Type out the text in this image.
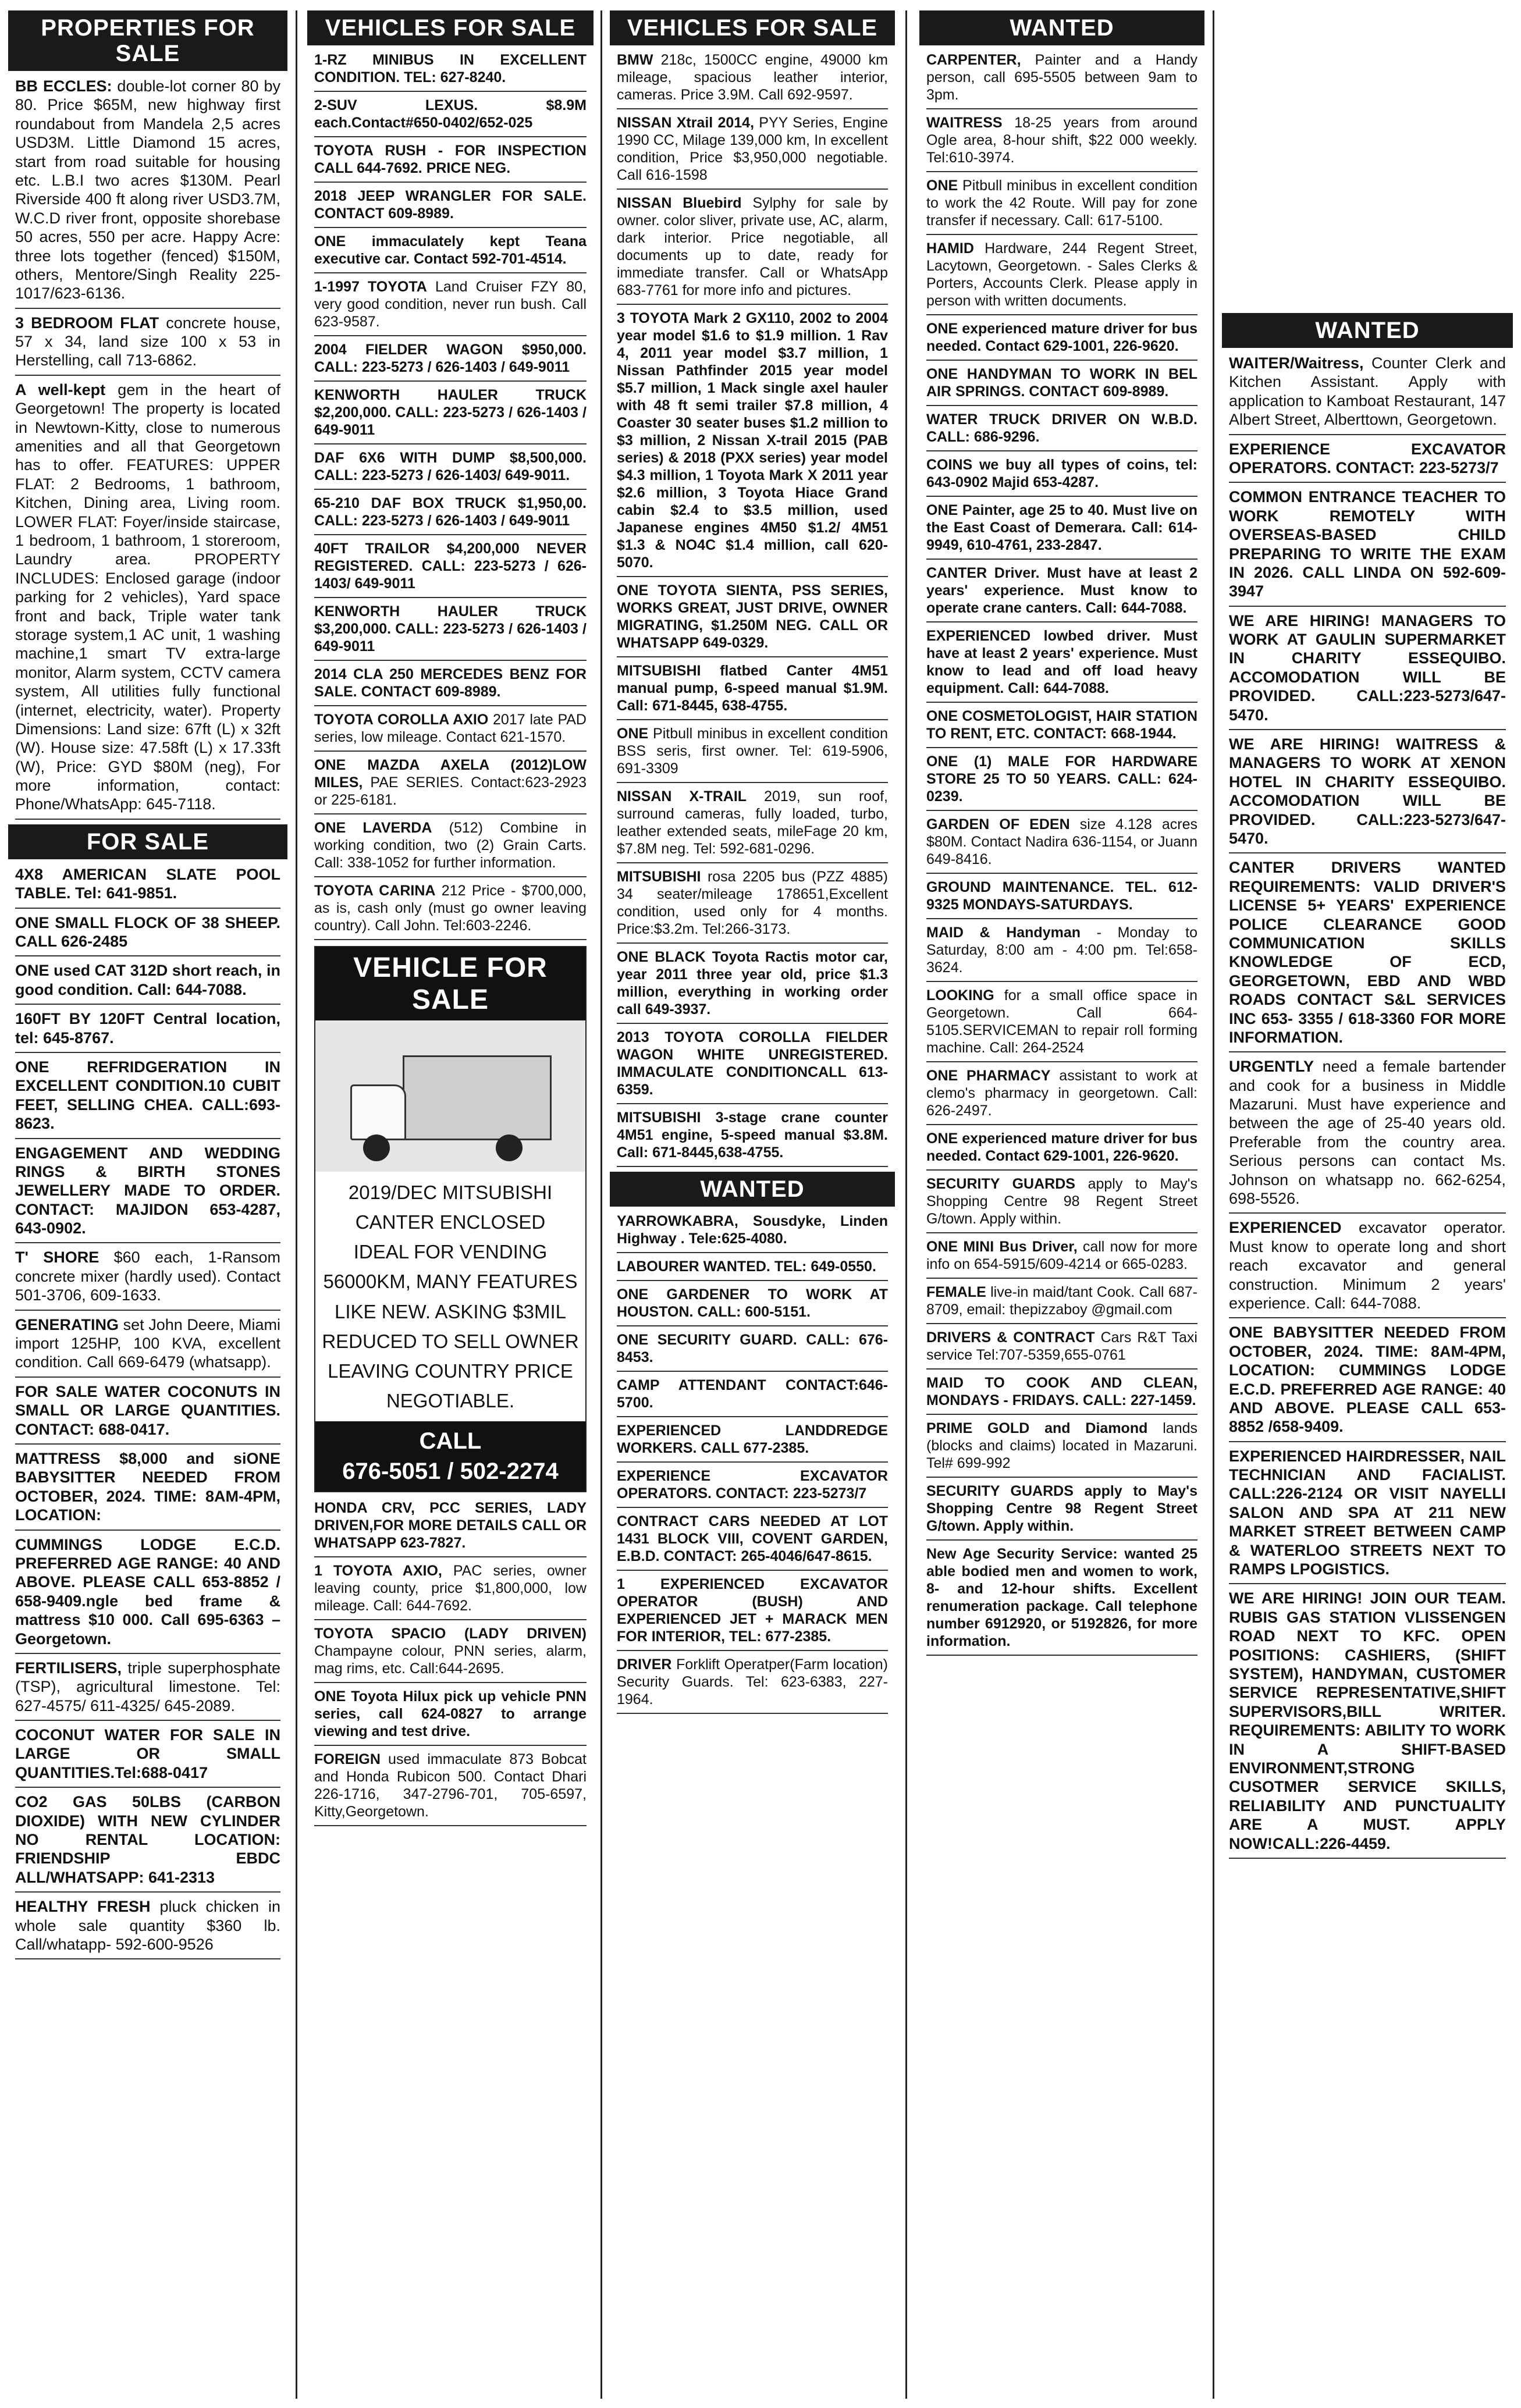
PROPERTIES FOR SALE

BB ECCLES: double-lot corner 80 by 80. Price $65M, new highway first roundabout from Mandela 2,5 acres USD3M. Little Diamond 15 acres, start from road suitable for housing etc. L.B.I two acres $130M. Pearl Riverside 400 ft along river USD3.7M, W.C.D river front, opposite shorebase 50 acres, 550 per acre. Happy Acre: three lots together (fenced) $150M, others, Mentore/Singh Reality 225-1017/623-6136.

3 BEDROOM FLAT concrete house, 57 x 34, land size 100 x 53 in Herstelling, call 713-6862.

A well-kept gem in the heart of Georgetown! The property is located in Newtown-Kitty, close to numerous amenities and all that Georgetown has to offer. FEATURES: UPPER FLAT: 2 Bedrooms, 1 bathroom, Kitchen, Dining area, Living room. LOWER FLAT: Foyer/inside staircase, 1 bedroom, 1 bathroom, 1 storeroom, Laundry area. PROPERTY INCLUDES: Enclosed garage (indoor parking for 2 vehicles), Yard space front and back, Triple water tank storage system,1 AC unit, 1 washing machine,1 smart TV extra-large monitor, Alarm system, CCTV camera system, All utilities fully functional (internet, electricity, water). Property Dimensions: Land size: 67ft (L) x 32ft (W). House size: 47.58ft (L) x 17.33ft (W), Price: GYD $80M (neg), For more information, contact: Phone/WhatsApp: 645-7118.

FOR SALE

4X8 AMERICAN SLATE POOL TABLE. Tel: 641-9851.

ONE SMALL FLOCK OF 38 SHEEP. CALL 626-2485

ONE used CAT 312D short reach, in good condition. Call: 644-7088.

160FT BY 120FT Central location, tel: 645-8767.

ONE REFRIDGERATION IN EXCELLENT CONDITION.10 CUBIT FEET, SELLING CHEA. CALL:693-8623.

ENGAGEMENT AND WEDDING RINGS & BIRTH STONES JEWELLERY MADE TO ORDER. CONTACT: MAJIDON 653-4287, 643-0902.

T' SHORE $60 each, 1-Ransom concrete mixer (hardly used). Contact 501-3706, 609-1633.

GENERATING set John Deere, Miami import 125HP, 100 KVA, excellent condition. Call 669-6479 (whatsapp).

FOR SALE WATER COCONUTS IN SMALL OR LARGE QUANTITIES. CONTACT: 688-0417.

MATTRESS $8,000 and siONE BABYSITTER NEEDED FROM OCTOBER, 2024. TIME: 8AM-4PM, LOCATION:

CUMMINGS LODGE E.C.D. PREFERRED AGE RANGE: 40 AND ABOVE. PLEASE CALL 653-8852 / 658-9409.ngle bed frame & mattress $10 000. Call 695-6363 – Georgetown.

FERTILISERS, triple superphosphate (TSP), agricultural limestone. Tel: 627-4575/ 611-4325/ 645-2089.

COCONUT WATER FOR SALE IN LARGE OR SMALL QUANTITIES.Tel:688-0417

CO2 GAS 50LBS (CARBON DIOXIDE) WITH NEW CYLINDER NO RENTAL LOCATION: FRIENDSHIP EBDC ALL/WHATSAPP: 641-2313

HEALTHY FRESH pluck chicken in whole sale quantity $360 lb. Call/whatapp- 592-600-9526

VEHICLES FOR SALE

1-RZ MINIBUS IN EXCELLENT CONDITION. TEL: 627-8240.

2-SUV LEXUS. $8.9M each.Contact#650-0402/652-025

TOYOTA RUSH - FOR INSPECTION CALL 644-7692. PRICE NEG.

2018 JEEP WRANGLER FOR SALE. CONTACT 609-8989.

ONE immaculately kept Teana executive car. Contact 592-701-4514.

1-1997 TOYOTA Land Cruiser FZY 80, very good condition, never run bush. Call 623-9587.

2004 FIELDER WAGON $950,000. CALL: 223-5273 / 626-1403 / 649-9011

KENWORTH HAULER TRUCK $2,200,000. CALL: 223-5273 / 626-1403 / 649-9011

DAF 6X6 WITH DUMP $8,500,000. CALL: 223-5273 / 626-1403/ 649-9011.

65-210 DAF BOX TRUCK $1,950,00. CALL: 223-5273 / 626-1403 / 649-9011

40FT TRAILOR $4,200,000 NEVER REGISTERED. CALL: 223-5273 / 626-1403/ 649-9011

KENWORTH HAULER TRUCK $3,200,000. CALL: 223-5273 / 626-1403 / 649-9011

2014 CLA 250 MERCEDES BENZ FOR SALE. CONTACT 609-8989.

TOYOTA COROLLA AXIO 2017 late PAD series, low mileage. Contact 621-1570.

ONE MAZDA AXELA (2012)LOW MILES, PAE SERIES. Contact:623-2923 or 225-6181.

ONE LAVERDA (512) Combine in working condition, two (2) Grain Carts. Call: 338-1052 for further information.

TOYOTA CARINA 212 Price - $700,000, as is, cash only (must go owner leaving country). Call John. Tel:603-2246.

VEHICLE FOR SALE
2019/DEC MITSUBISHI
CANTER ENCLOSED
IDEAL FOR VENDING
56000KM, MANY FEATURES
LIKE NEW. ASKING $3MIL
REDUCED TO SELL OWNER
LEAVING COUNTRY PRICE
NEGOTIABLE.
CALL
676-5051 / 502-2274

HONDA CRV, PCC SERIES, LADY DRIVEN,FOR MORE DETAILS CALL OR WHATSAPP 623-7827.

1 TOYOTA AXIO, PAC series, owner leaving county, price $1,800,000, low mileage. Call: 644-7692.

TOYOTA SPACIO (LADY DRIVEN) Champayne colour, PNN series, alarm, mag rims, etc. Call:644-2695.

ONE Toyota Hilux pick up vehicle PNN series, call 624-0827 to arrange viewing and test drive.

FOREIGN used immaculate 873 Bobcat and Honda Rubicon 500. Contact Dhari 226-1716, 347-2796-701, 705-6597, Kitty,Georgetown.

VEHICLES FOR SALE

BMW 218c, 1500CC engine, 49000 km mileage, spacious leather interior, cameras. Price 3.9M. Call 692-9597.

NISSAN Xtrail 2014, PYY Series, Engine 1990 CC, Milage 139,000 km, In excellent condition, Price $3,950,000 negotiable. Call 616-1598

NISSAN Bluebird Sylphy for sale by owner. color sliver, private use, AC, alarm, dark interior. Price negotiable, all documents up to date, ready for immediate transfer. Call or WhatsApp 683-7761 for more info and pictures.

3 TOYOTA Mark 2 GX110, 2002 to 2004 year model $1.6 to $1.9 million. 1 Rav 4, 2011 year model $3.7 million, 1 Nissan Pathfinder 2015 year model $5.7 million, 1 Mack single axel hauler with 48 ft semi trailer $7.8 million, 4 Coaster 30 seater buses $1.2 million to $3 million, 2 Nissan X-trail 2015 (PAB series) & 2018 (PXX series) year model $4.3 million, 1 Toyota Mark X 2011 year $2.6 million, 3 Toyota Hiace Grand cabin $2.4 to $3.5 million, used Japanese engines 4M50 $1.2/ 4M51 $1.3 & NO4C $1.4 million, call 620-5070.

ONE TOYOTA SIENTA, PSS SERIES, WORKS GREAT, JUST DRIVE, OWNER MIGRATING, $1.250M NEG. CALL OR WHATSAPP 649-0329.

MITSUBISHI flatbed Canter 4M51 manual pump, 6-speed manual $1.9M. Call: 671-8445, 638-4755.

ONE Pitbull minibus in excellent condition BSS seris, first owner. Tel: 619-5906, 691-3309

NISSAN X-TRAIL 2019, sun roof, surround cameras, fully loaded, turbo, leather extended seats, mileFage 20 km, $7.8M neg. Tel: 592-681-0296.

MITSUBISHI rosa 2205 bus (PZZ 4885) 34 seater/mileage 178651,Excellent condition, used only for 4 months. Price:$3.2m. Tel:266-3173.

ONE BLACK Toyota Ractis motor car, year 2011 three year old, price $1.3 million, everything in working order call 649-3937.

2013 TOYOTA COROLLA FIELDER WAGON WHITE UNREGISTERED. IMMACULATE CONDITIONCALL 613-6359.

MITSUBISHI 3-stage crane counter 4M51 engine, 5-speed manual $3.8M. Call: 671-8445,638-4755.

WANTED

YARROWKABRA, Sousdyke, Linden Highway . Tele:625-4080.

LABOURER WANTED. TEL: 649-0550.

ONE GARDENER TO WORK AT HOUSTON. CALL: 600-5151.

ONE SECURITY GUARD. CALL: 676-8453.

CAMP ATTENDANT CONTACT:646-5700.

EXPERIENCED LANDDREDGE WORKERS. CALL 677-2385.

EXPERIENCE EXCAVATOR OPERATORS. CONTACT: 223-5273/7

CONTRACT CARS NEEDED AT LOT 1431 BLOCK VIII, COVENT GARDEN, E.B.D. CONTACT: 265-4046/647-8615.

1 EXPERIENCED EXCAVATOR OPERATOR (BUSH) AND EXPERIENCED JET + MARACK MEN FOR INTERIOR, TEL: 677-2385.

DRIVER Forklift Operatper(Farm location) Security Guards. Tel: 623-6383, 227-1964.

WANTED

CARPENTER, Painter and a Handy person, call 695-5505 between 9am to 3pm.

WAITRESS 18-25 years from around Ogle area, 8-hour shift, $22 000 weekly. Tel:610-3974.

ONE Pitbull minibus in excellent condition to work the 42 Route. Will pay for zone transfer if necessary. Call: 617-5100.

HAMID Hardware, 244 Regent Street, Lacytown, Georgetown. - Sales Clerks & Porters, Accounts Clerk. Please apply in person with written documents.

ONE experienced mature driver for bus needed. Contact 629-1001, 226-9620.

ONE HANDYMAN TO WORK IN BEL AIR SPRINGS. CONTACT 609-8989.

WATER TRUCK DRIVER ON W.B.D. CALL: 686-9296.

COINS we buy all types of coins, tel: 643-0902 Majid 653-4287.

ONE Painter, age 25 to 40. Must live on the East Coast of Demerara. Call: 614-9949, 610-4761, 233-2847.

CANTER Driver. Must have at least 2 years' experience. Must know to operate crane canters. Call: 644-7088.

EXPERIENCED lowbed driver. Must have at least 2 years' experience. Must know to lead and off load heavy equipment. Call: 644-7088.

ONE COSMETOLOGIST, HAIR STATION TO RENT, ETC. CONTACT: 668-1944.

ONE (1) MALE FOR HARDWARE STORE 25 TO 50 YEARS. CALL: 624-0239.

GARDEN OF EDEN size 4.128 acres $80M. Contact Nadira 636-1154, or Juann 649-8416.

GROUND MAINTENANCE. TEL. 612-9325 MONDAYS-SATURDAYS.

MAID & Handyman - Monday to Saturday, 8:00 am - 4:00 pm. Tel:658-3624.

LOOKING for a small office space in Georgetown. Call 664-5105.SERVICEMAN to repair roll forming machine. Call: 264-2524

ONE PHARMACY assistant to work at clemo's pharmacy in georgetown. Call: 626-2497.

ONE experienced mature driver for bus needed. Contact 629-1001, 226-9620.

SECURITY GUARDS apply to May's Shopping Centre 98 Regent Street G/town. Apply within.

ONE MINI Bus Driver, call now for more info on 654-5915/609-4214 or 665-0283.

FEMALE live-in maid/tant Cook. Call 687-8709, email: thepizzaboy @gmail.com

DRIVERS & CONTRACT Cars R&T Taxi service Tel:707-5359,655-0761

MAID TO COOK AND CLEAN, MONDAYS - FRIDAYS. CALL: 227-1459.

PRIME GOLD and Diamond lands (blocks and claims) located in Mazaruni. Tel# 699-992

SECURITY GUARDS apply to May's Shopping Centre 98 Regent Street G/town. Apply within.

New Age Security Service: wanted 25 able bodied men and women to work, 8- and 12-hour shifts. Excellent renumeration package. Call telephone number 6912920, or 5192826, for more information.

WANTED

WAITER/Waitress, Counter Clerk and Kitchen Assistant. Apply with application to Kamboat Restaurant, 147 Albert Street, Alberttown, Georgetown.

EXPERIENCE EXCAVATOR OPERATORS. CONTACT: 223-5273/7

COMMON ENTRANCE TEACHER TO WORK REMOTELY WITH OVERSEAS-BASED CHILD PREPARING TO WRITE THE EXAM IN 2026. CALL LINDA ON 592-609-3947

WE ARE HIRING! MANAGERS TO WORK AT GAULIN SUPERMARKET IN CHARITY ESSEQUIBO. ACCOMODATION WILL BE PROVIDED. CALL:223-5273/647-5470.

WE ARE HIRING! WAITRESS & MANAGERS TO WORK AT XENON HOTEL IN CHARITY ESSEQUIBO. ACCOMODATION WILL BE PROVIDED. CALL:223-5273/647-5470.

CANTER DRIVERS WANTED REQUIREMENTS: VALID DRIVER'S LICENSE 5+ YEARS' EXPERIENCE POLICE CLEARANCE GOOD COMMUNICATION SKILLS KNOWLEDGE OF ECD, GEORGETOWN, EBD AND WBD ROADS CONTACT S&L SERVICES INC 653- 3355 / 618-3360 FOR MORE INFORMATION.

URGENTLY need a female bartender and cook for a business in Middle Mazaruni. Must have experience and between the age of 25-40 years old. Preferable from the country area. Serious persons can contact Ms. Johnson on whatsapp no. 662-6254, 698-5526.

EXPERIENCED excavator operator. Must know to operate long and short reach excavator and general construction. Minimum 2 years' experience. Call: 644-7088.

ONE BABYSITTER NEEDED FROM OCTOBER, 2024. TIME: 8AM-4PM, LOCATION: CUMMINGS LODGE E.C.D. PREFERRED AGE RANGE: 40 AND ABOVE. PLEASE CALL 653-8852 /658-9409.

EXPERIENCED HAIRDRESSER, NAIL TECHNICIAN AND FACIALIST. CALL:226-2124 OR VISIT NAYELLI SALON AND SPA AT 211 NEW MARKET STREET BETWEEN CAMP & WATERLOO STREETS NEXT TO RAMPS LPOGISTICS.

WE ARE HIRING! JOIN OUR TEAM. RUBIS GAS STATION VLISSENGEN ROAD NEXT TO KFC. OPEN POSITIONS: CASHIERS, (SHIFT SYSTEM), HANDYMAN, CUSTOMER SERVICE REPRESENTATIVE,SHIFT SUPERVISORS,BILL WRITER. REQUIREMENTS: ABILITY TO WORK IN A SHIFT-BASED ENVIRONMENT,STRONG CUSOTMER SERVICE SKILLS, RELIABILITY AND PUNCTUALITY ARE A MUST. APPLY NOW!CALL:226-4459.
